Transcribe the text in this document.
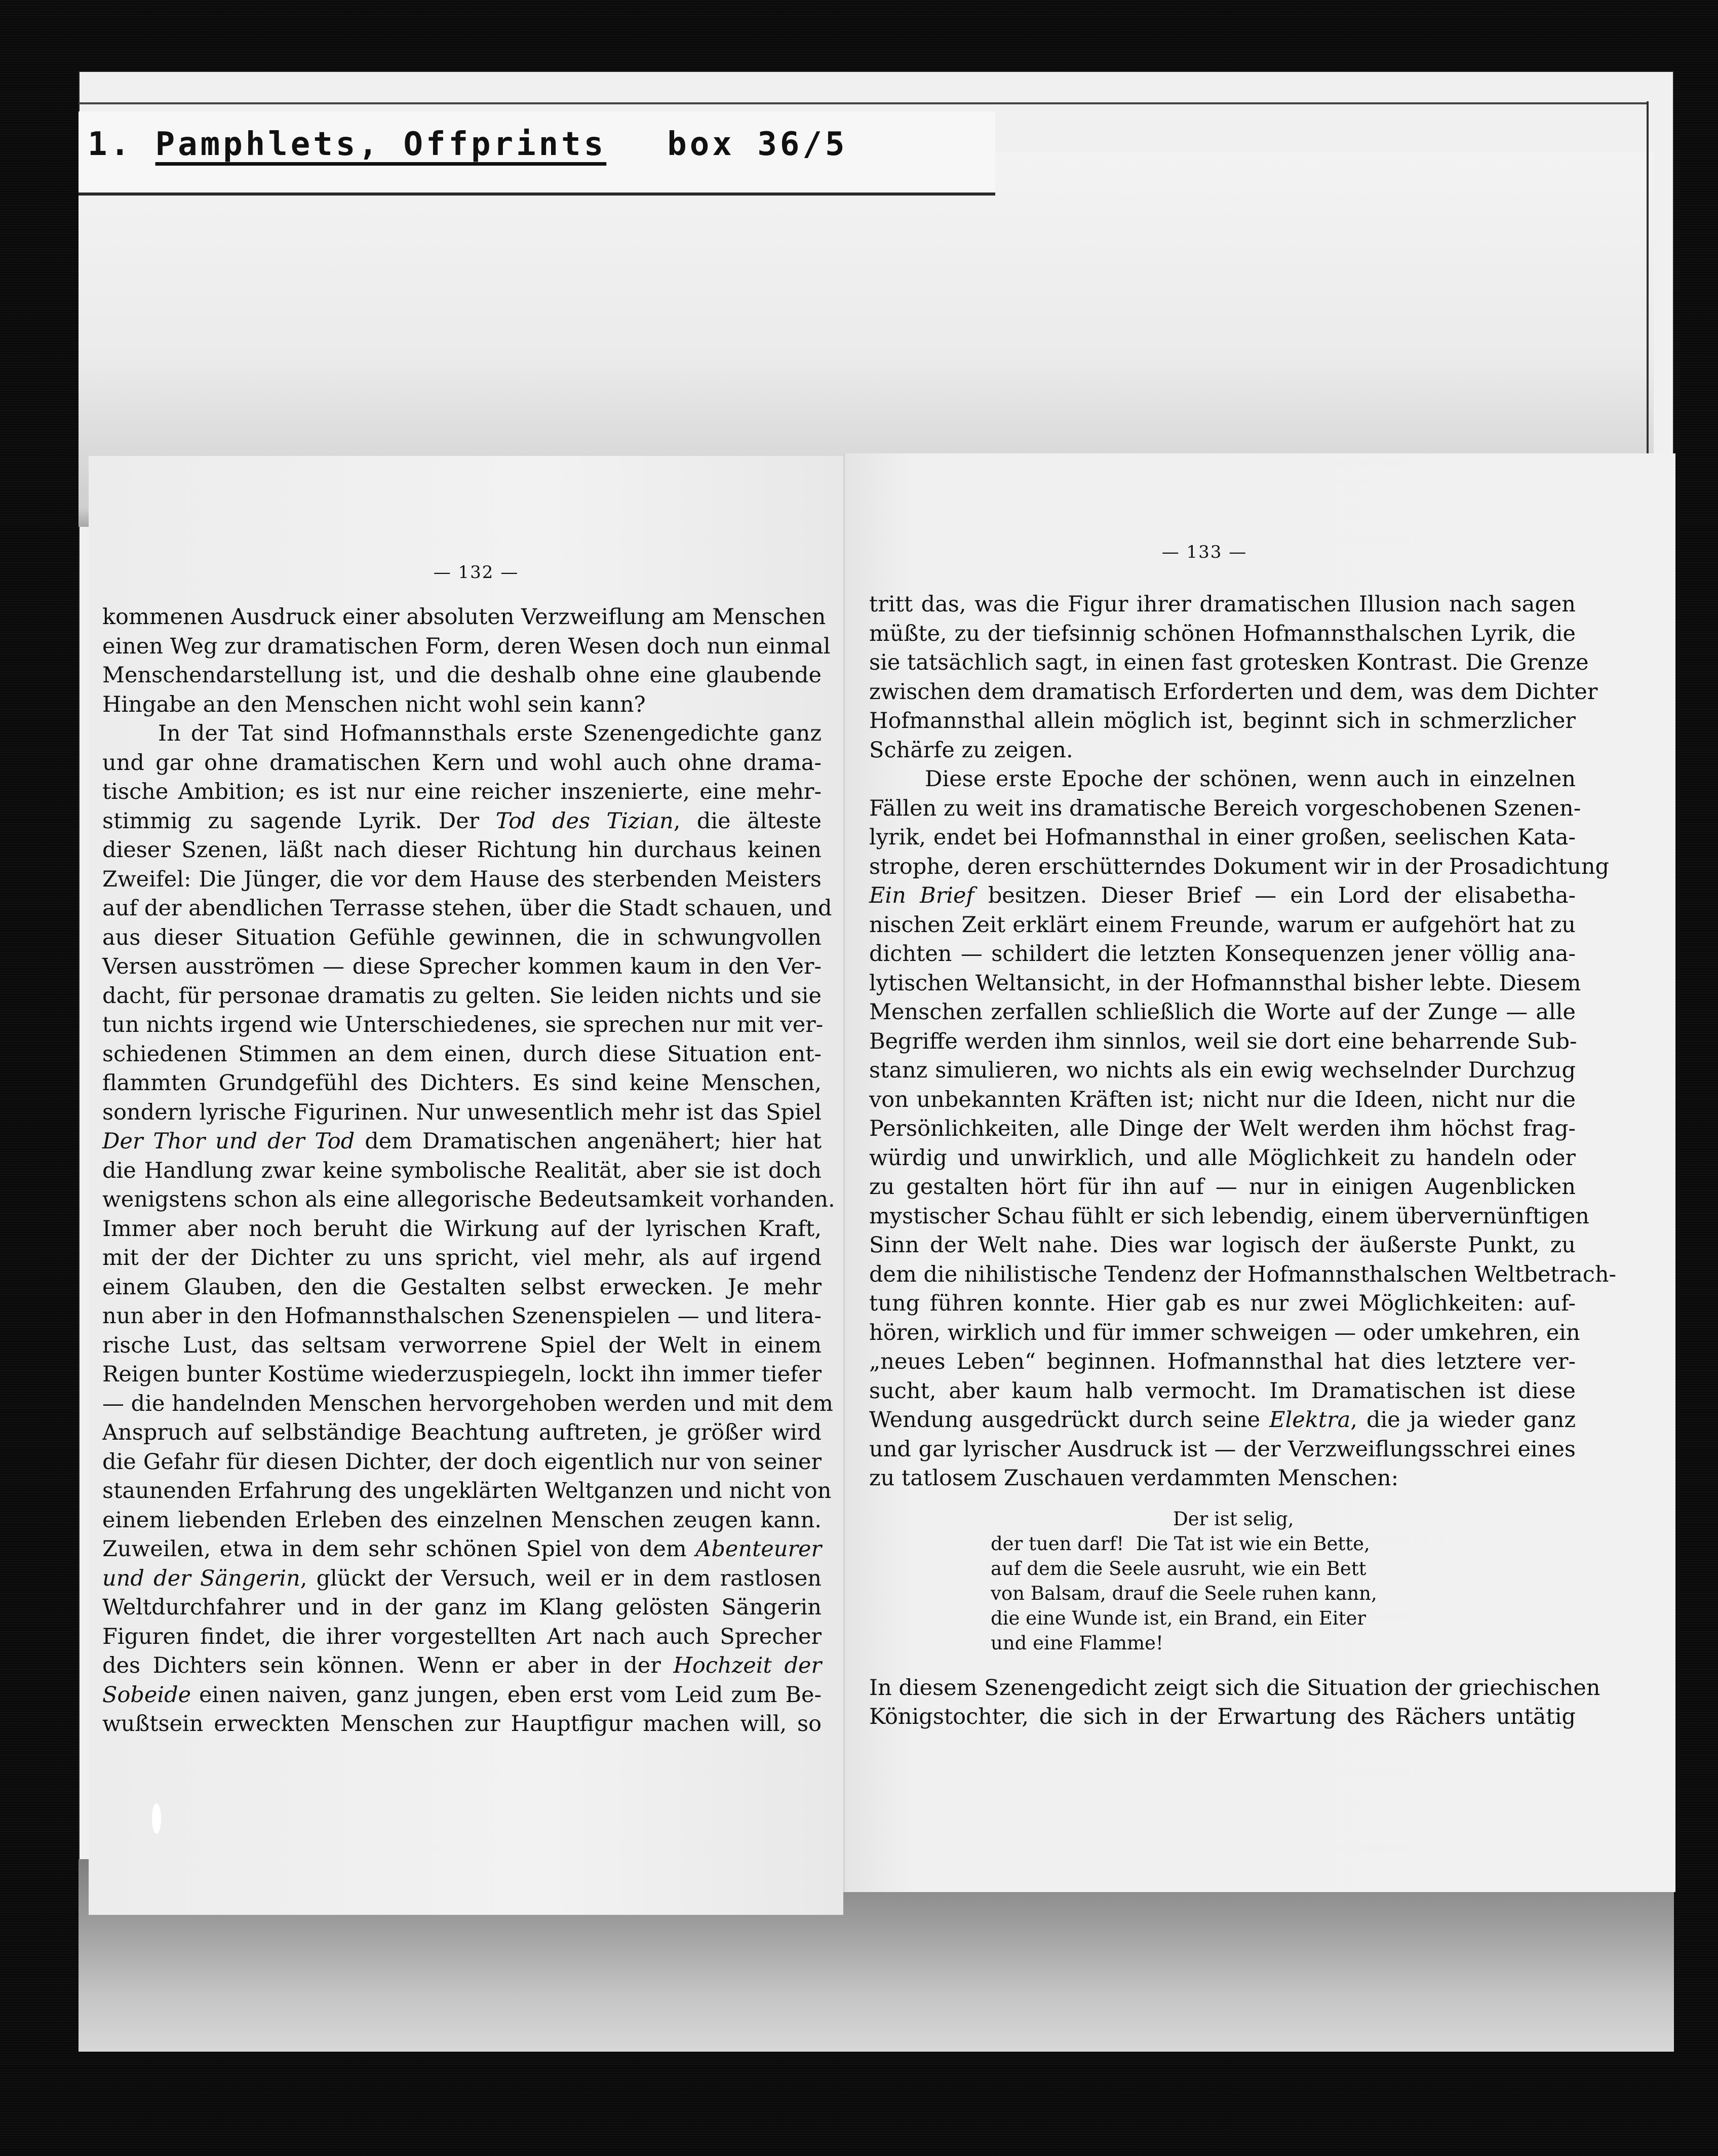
1. Pamphlets, Offprints box 36/5
— 132 —
kommenen Ausdruck einer absoluten Verzweiflung am Menschen
einen Weg zur dramatischen Form, deren Wesen doch nun einmal
Menschendarstellung ist, und die deshalb ohne eine glaubende
Hingabe an den Menschen nicht wohl sein kann?
In der Tat sind Hofmannsthals erste Szenengedichte ganz
und gar ohne dramatischen Kern und wohl auch ohne drama-
tische Ambition; es ist nur eine reicher inszenierte, eine mehr-
stimmig zu sagende Lyrik. Der Tod des Tizian, die älteste
dieser Szenen, läßt nach dieser Richtung hin durchaus keinen
Zweifel: Die Jünger, die vor dem Hause des sterbenden Meisters
auf der abendlichen Terrasse stehen, über die Stadt schauen, und
aus dieser Situation Gefühle gewinnen, die in schwungvollen
Versen ausströmen — diese Sprecher kommen kaum in den Ver-
dacht, für personae dramatis zu gelten. Sie leiden nichts und sie
tun nichts irgend wie Unterschiedenes, sie sprechen nur mit ver-
schiedenen Stimmen an dem einen, durch diese Situation ent-
flammten Grundgefühl des Dichters. Es sind keine Menschen,
sondern lyrische Figurinen. Nur unwesentlich mehr ist das Spiel
Der Thor und der Tod dem Dramatischen angenähert; hier hat
die Handlung zwar keine symbolische Realität, aber sie ist doch
wenigstens schon als eine allegorische Bedeutsamkeit vorhanden.
Immer aber noch beruht die Wirkung auf der lyrischen Kraft,
mit der der Dichter zu uns spricht, viel mehr, als auf irgend
einem Glauben, den die Gestalten selbst erwecken. Je mehr
nun aber in den Hofmannsthalschen Szenenspielen — und litera-
rische Lust, das seltsam verworrene Spiel der Welt in einem
Reigen bunter Kostüme wiederzuspiegeln, lockt ihn immer tiefer
— die handelnden Menschen hervorgehoben werden und mit dem
Anspruch auf selbständige Beachtung auftreten, je größer wird
die Gefahr für diesen Dichter, der doch eigentlich nur von seiner
staunenden Erfahrung des ungeklärten Weltganzen und nicht von
einem liebenden Erleben des einzelnen Menschen zeugen kann.
Zuweilen, etwa in dem sehr schönen Spiel von dem Abenteurer
und der Sängerin, glückt der Versuch, weil er in dem rastlosen
Weltdurchfahrer und in der ganz im Klang gelösten Sängerin
Figuren findet, die ihrer vorgestellten Art nach auch Sprecher
des Dichters sein können. Wenn er aber in der Hochzeit der
Sobeide einen naiven, ganz jungen, eben erst vom Leid zum Be-
wußtsein erweckten Menschen zur Hauptfigur machen will, so
— 133 —
tritt das, was die Figur ihrer dramatischen Illusion nach sagen
müßte, zu der tiefsinnig schönen Hofmannsthalschen Lyrik, die
sie tatsächlich sagt, in einen fast grotesken Kontrast. Die Grenze
zwischen dem dramatisch Erforderten und dem, was dem Dichter
Hofmannsthal allein möglich ist, beginnt sich in schmerzlicher
Schärfe zu zeigen.
Diese erste Epoche der schönen, wenn auch in einzelnen
Fällen zu weit ins dramatische Bereich vorgeschobenen Szenen-
lyrik, endet bei Hofmannsthal in einer großen, seelischen Kata-
strophe, deren erschütterndes Dokument wir in der Prosadichtung
Ein Brief besitzen. Dieser Brief — ein Lord der elisabetha-
nischen Zeit erklärt einem Freunde, warum er aufgehört hat zu
dichten — schildert die letzten Konsequenzen jener völlig ana-
lytischen Weltansicht, in der Hofmannsthal bisher lebte. Diesem
Menschen zerfallen schließlich die Worte auf der Zunge — alle
Begriffe werden ihm sinnlos, weil sie dort eine beharrende Sub-
stanz simulieren, wo nichts als ein ewig wechselnder Durchzug
von unbekannten Kräften ist; nicht nur die Ideen, nicht nur die
Persönlichkeiten, alle Dinge der Welt werden ihm höchst frag-
würdig und unwirklich, und alle Möglichkeit zu handeln oder
zu gestalten hört für ihn auf — nur in einigen Augenblicken
mystischer Schau fühlt er sich lebendig, einem übervernünftigen
Sinn der Welt nahe. Dies war logisch der äußerste Punkt, zu
dem die nihilistische Tendenz der Hofmannsthalschen Weltbetrach-
tung führen konnte. Hier gab es nur zwei Möglichkeiten: auf-
hören, wirklich und für immer schweigen — oder umkehren, ein
„neues Leben“ beginnen. Hofmannsthal hat dies letztere ver-
sucht, aber kaum halb vermocht. Im Dramatischen ist diese
Wendung ausgedrückt durch seine Elektra, die ja wieder ganz
und gar lyrischer Ausdruck ist — der Verzweiflungsschrei eines
zu tatlosem Zuschauen verdammten Menschen:
Der ist selig,
der tuen darf!  Die Tat ist wie ein Bette,
auf dem die Seele ausruht, wie ein Bett
von Balsam, drauf die Seele ruhen kann,
die eine Wunde ist, ein Brand, ein Eiter
und eine Flamme!
In diesem Szenengedicht zeigt sich die Situation der griechischen
Königstochter, die sich in der Erwartung des Rächers untätig
